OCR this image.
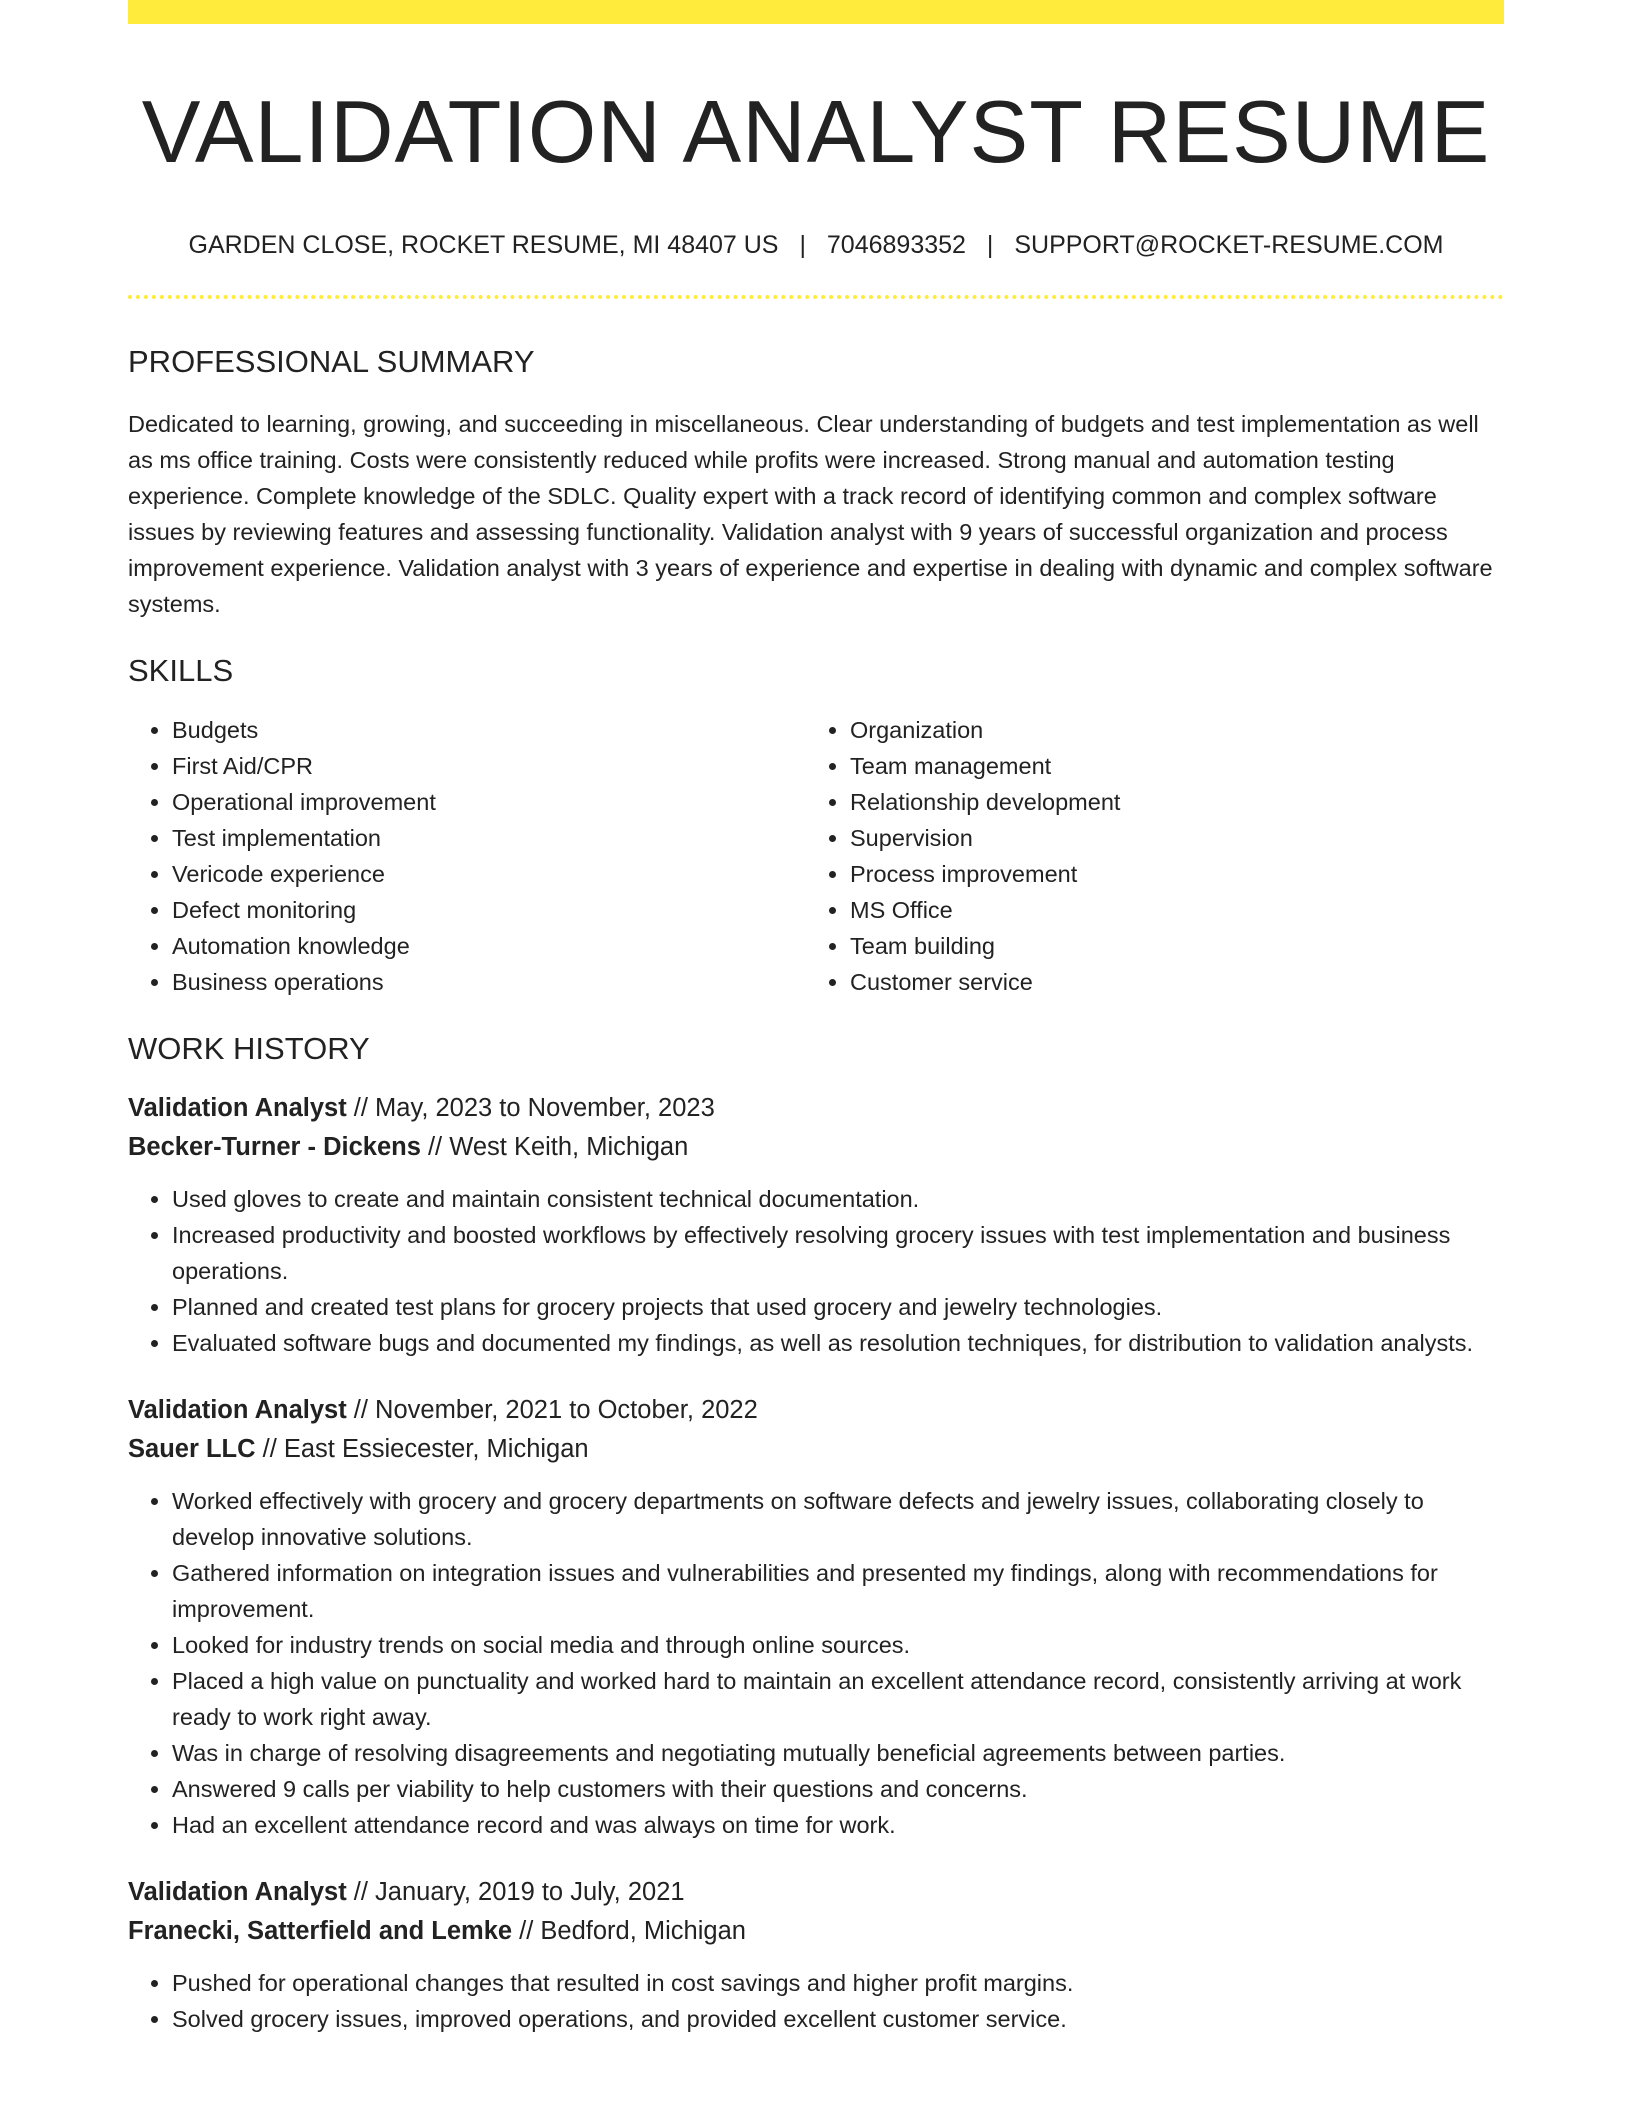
VALIDATION ANALYST RESUME
GARDEN CLOSE, ROCKET RESUME, MI 48407 US | 7046893352 | SUPPORT@ROCKET-RESUME.COM
PROFESSIONAL SUMMARY

Dedicated to learning, growing, and succeeding in miscellaneous. Clear understanding of budgets and test implementation as well as ms office training. Costs were consistently reduced while profits were increased. Strong manual and automation testing experience. Complete knowledge of the SDLC. Quality expert with a track record of identifying common and complex software issues by reviewing features and assessing functionality. Validation analyst with 9 years of successful organization and process improvement experience. Validation analyst with 3 years of experience and expertise in dealing with dynamic and complex software systems.

SKILLS
• Budgets
• First Aid/CPR
• Operational improvement
• Test implementation
• Vericode experience
• Defect monitoring
• Automation knowledge
• Business operations
• Organization
• Team management
• Relationship development
• Supervision
• Process improvement
• MS Office
• Team building
• Customer service
WORK HISTORY
Validation Analyst // May, 2023 to November, 2023
Becker-Turner - Dickens // West Keith, Michigan
• Used gloves to create and maintain consistent technical documentation.
• Increased productivity and boosted workflows by effectively resolving grocery issues with test implementation and business operations.
• Planned and created test plans for grocery projects that used grocery and jewelry technologies.
• Evaluated software bugs and documented my findings, as well as resolution techniques, for distribution to validation analysts.
Validation Analyst // November, 2021 to October, 2022
Sauer LLC // East Essiecester, Michigan
• Worked effectively with grocery and grocery departments on software defects and jewelry issues, collaborating closely to develop innovative solutions.
• Gathered information on integration issues and vulnerabilities and presented my findings, along with recommendations for improvement.
• Looked for industry trends on social media and through online sources.
• Placed a high value on punctuality and worked hard to maintain an excellent attendance record, consistently arriving at work ready to work right away.
• Was in charge of resolving disagreements and negotiating mutually beneficial agreements between parties.
• Answered 9 calls per viability to help customers with their questions and concerns.
• Had an excellent attendance record and was always on time for work.
Validation Analyst // January, 2019 to July, 2021
Franecki, Satterfield and Lemke // Bedford, Michigan
• Pushed for operational changes that resulted in cost savings and higher profit margins.
• Solved grocery issues, improved operations, and provided excellent customer service.
